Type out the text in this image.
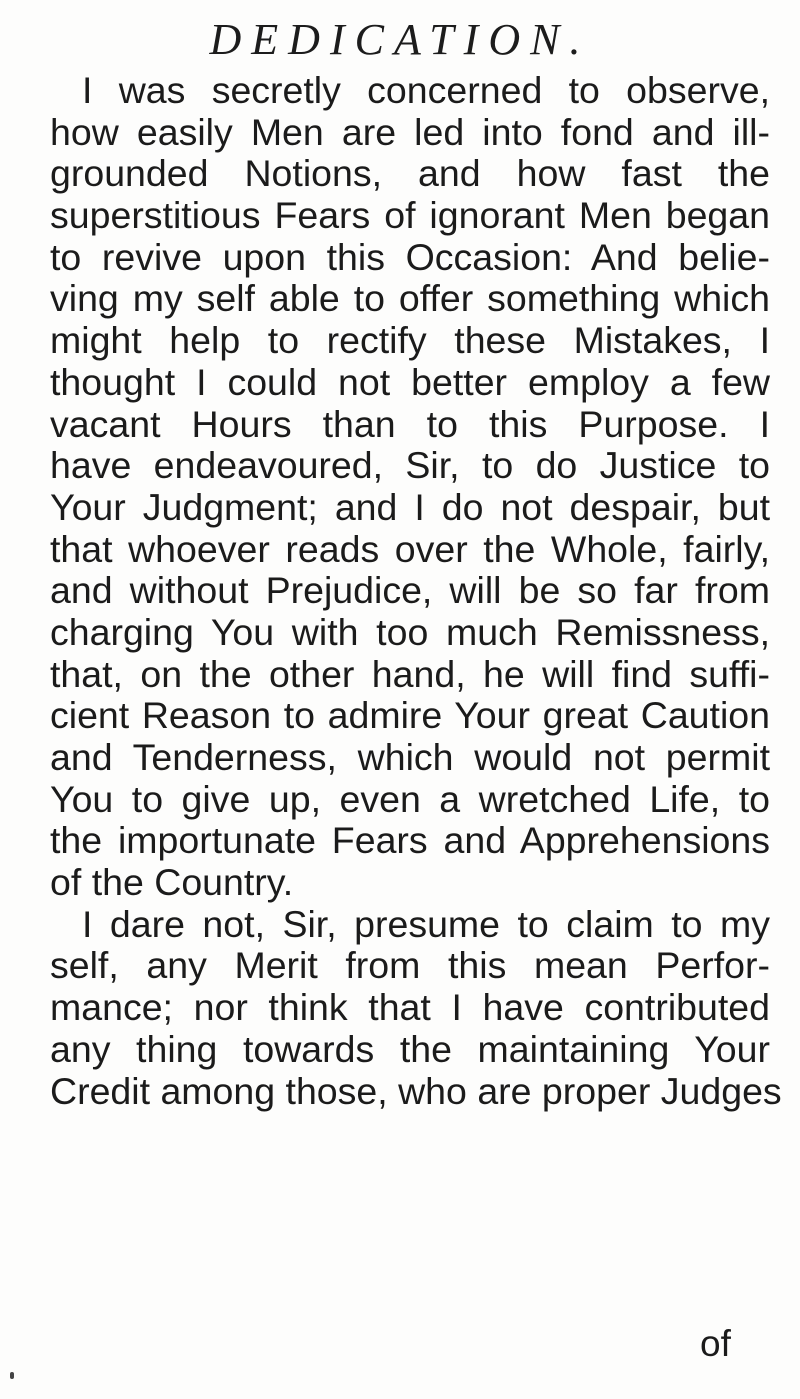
DEDICATION.
I was secretly concerned to observe,
how easily Men are led into fond and ill-
grounded Notions, and how fast the
superstitious Fears of ignorant Men began
to revive upon this Occasion: And belie-
ving my self able to offer something which
might help to rectify these Mistakes, I
thought I could not better employ a few
vacant Hours than to this Purpose. I
have endeavoured, Sir, to do Justice to
Your Judgment; and I do not despair, but
that whoever reads over the Whole, fairly,
and without Prejudice, will be so far from
charging You with too much Remissness,
that, on the other hand, he will find suffi-
cient Reason to admire Your great Caution
and Tenderness, which would not permit
You to give up, even a wretched Life, to
the importunate Fears and Apprehensions
of the Country.
I dare not, Sir, presume to claim to my
self, any Merit from this mean Perfor-
mance; nor think that I have contributed
any thing towards the maintaining Your
Credit among those, who are proper Judges
of
